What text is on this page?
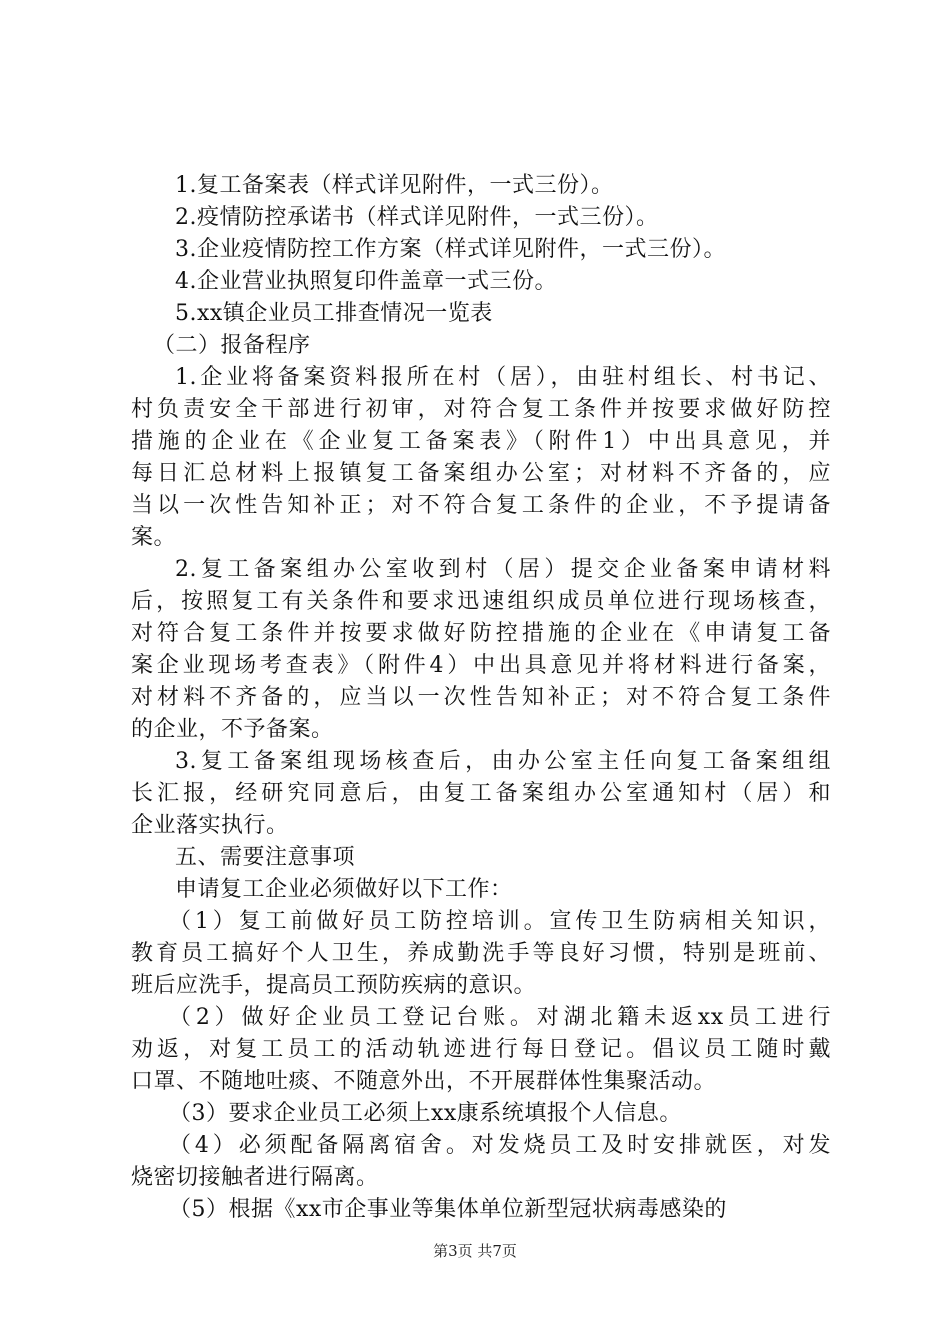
1.复工备案表（样式详见附件，一式三份）。
2.疫情防控承诺书（样式详见附件，一式三份）。
3.企业疫情防控工作方案（样式详见附件，一式三份）。
4.企业营业执照复印件盖章一式三份。
5.xx镇企业员工排查情况一览表
（二）报备程序
1.企业将备案资料报所在村（居），由驻村组长、村书记、
村负责安全干部进行初审，对符合复工条件并按要求做好防控
措施的企业在《企业复工备案表》（附件1）中出具意见，并
每日汇总材料上报镇复工备案组办公室；对材料不齐备的，应
当以一次性告知补正；对不符合复工条件的企业，不予提请备
案。
2.复工备案组办公室收到村（居）提交企业备案申请材料
后，按照复工有关条件和要求迅速组织成员单位进行现场核查，
对符合复工条件并按要求做好防控措施的企业在《申请复工备
案企业现场考查表》（附件4）中出具意见并将材料进行备案，
对材料不齐备的，应当以一次性告知补正；对不符合复工条件
的企业，不予备案。
3.复工备案组现场核查后，由办公室主任向复工备案组组
长汇报，经研究同意后，由复工备案组办公室通知村（居）和
企业落实执行。
五、需要注意事项
申请复工企业必须做好以下工作：
（1）复工前做好员工防控培训。宣传卫生防病相关知识，
教育员工搞好个人卫生，养成勤洗手等良好习惯，特别是班前、
班后应洗手，提高员工预防疾病的意识。
（2）做好企业员工登记台账。对湖北籍未返xx员工进行
劝返，对复工员工的活动轨迹进行每日登记。倡议员工随时戴
口罩、不随地吐痰、不随意外出，不开展群体性集聚活动。
（3）要求企业员工必须上xx康系统填报个人信息。
（4）必须配备隔离宿舍。对发烧员工及时安排就医，对发
烧密切接触者进行隔离。
（5）根据《xx市企事业等集体单位新型冠状病毒感染的
第3页 共7页
